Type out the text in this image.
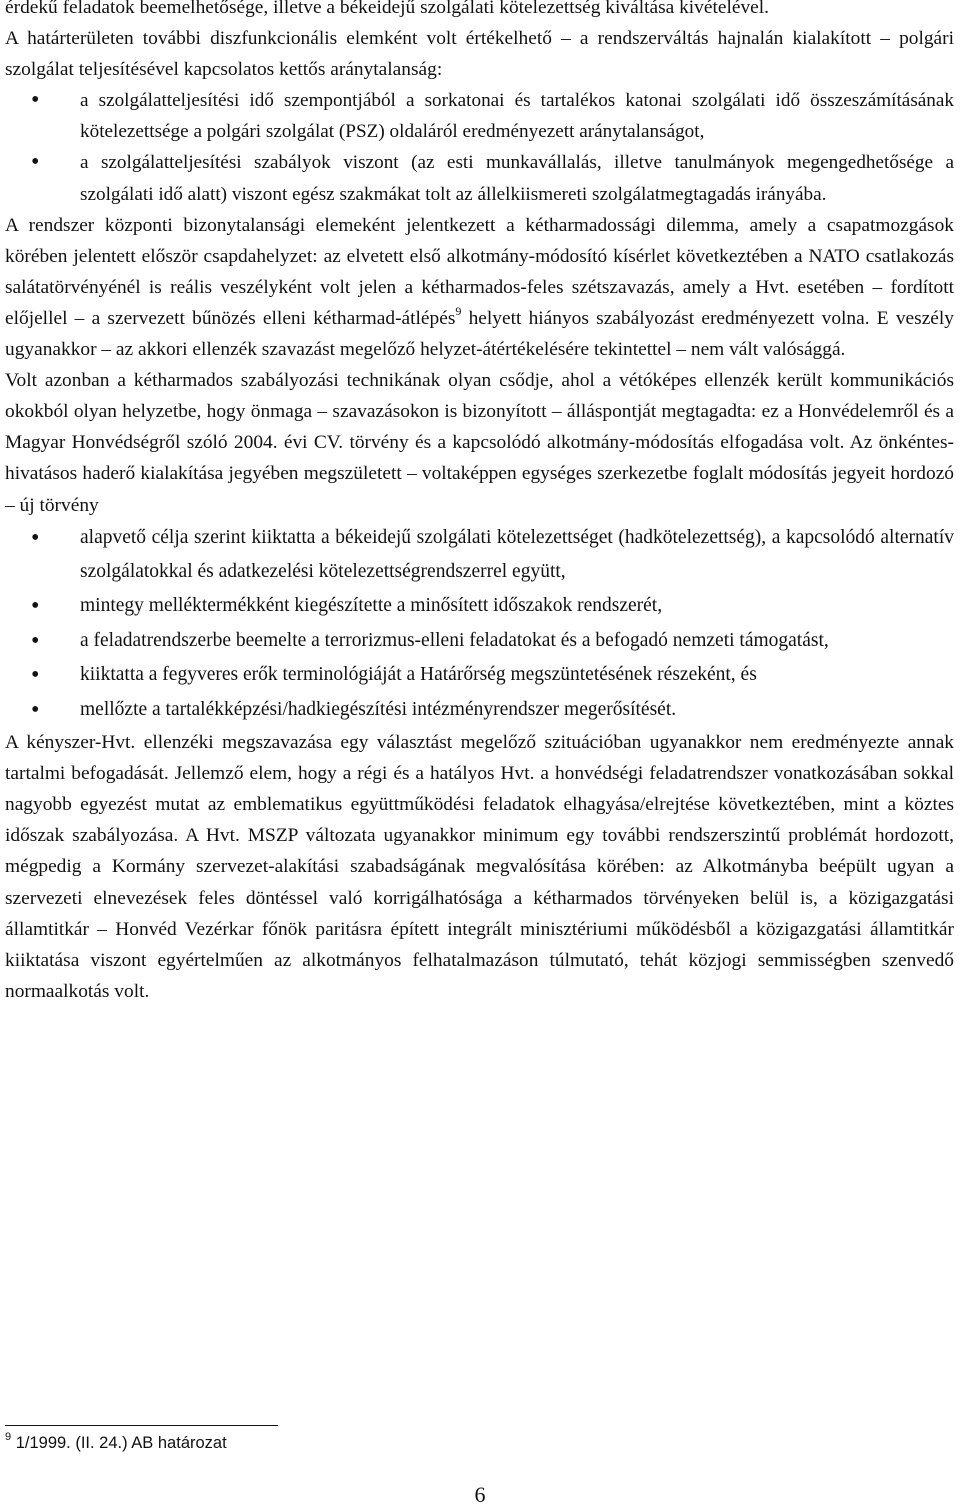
érdekű feladatok beemelhetősége, illetve a békeidejű szolgálati kötelezettség kiváltása kivételével.

A határterületen további diszfunkcionális elemként volt értékelhető – a rendszerváltás hajnalán kialakított – polgári szolgálat teljesítésével kapcsolatos kettős aránytalanság:

• a szolgálatteljesítési idő szempontjából a sorkatonai és tartalékos katonai szolgálati idő összeszámításának kötelezettsége a polgári szolgálat (PSZ) oldaláról eredményezett aránytalanságot,
• a szolgálatteljesítési szabályok viszont (az esti munkavállalás, illetve tanulmányok megengedhetősége a szolgálati idő alatt) viszont egész szakmákat tolt az állelkiismereti szolgálatmegtagadás irányába.

A rendszer központi bizonytalansági elemeként jelentkezett a kétharmadossági dilemma, amely a csapatmozgások körében jelentett először csapdahelyzet: az elvetett első alkotmány-módosító kísérlet következtében a NATO csatlakozás salátatörvényénél is reális veszélyként volt jelen a kétharmados-feles szétszavazás, amely a Hvt. esetében – fordított előjellel – a szervezett bűnözés elleni kétharmad-átlépés$^9$ helyett hiányos szabályozást eredményezett volna. E veszély ugyanakkor – az akkori ellenzék szavazást megelőző helyzet-átértékelésére tekintettel – nem vált valósággá.

Volt azonban a kétharmados szabályozási technikának olyan csődje, ahol a vétóképes ellenzék került kommunikációs okokból olyan helyzetbe, hogy önmaga – szavazásokon is bizonyított – álláspontját megtagadta: ez a Honvédelemről és a Magyar Honvédségről szóló 2004. évi CV. törvény és a kapcsolódó alkotmány-módosítás elfogadása volt. Az önkéntes-hivatásos haderő kialakítása jegyében megszületett – voltaképpen egységes szerkezetbe foglalt módosítás jegyeit hordozó – új törvény

• alapvető célja szerint kiiktatta a békeidejű szolgálati kötelezettséget (hadkötelezettség), a kapcsolódó alternatív szolgálatokkal és adatkezelési kötelezettségrendszerrel együtt,
• mintegy melléktermékként kiegészítette a minősített időszakok rendszerét,
• a feladatrendszerbe beemelte a terrorizmus-elleni feladatokat és a befogadó nemzeti támogatást,
• kiiktatta a fegyveres erők terminológiáját a Határőrség megszüntetésének részeként, és
• mellőzte a tartalékképzési/hadkiegészítési intézményrendszer megerősítését.

A kényszer-Hvt. ellenzéki megszavazása egy választást megelőző szituációban ugyanakkor nem eredményezte annak tartalmi befogadását. Jellemző elem, hogy a régi és a hatályos Hvt. a honvédségi feladatrendszer vonatkozásában sokkal nagyobb egyezést mutat az emblematikus együttműködési feladatok elhagyása/elrejtése következtében, mint a köztes időszak szabályozása. A Hvt. MSZP változata ugyanakkor minimum egy további rendszerszintű problémát hordozott, mégpedig a Kormány szervezet-alakítási szabadságának megvalósítása körében: az Alkotmányba beépült ugyan a szervezeti elnevezések feles döntéssel való korrigálhatósága a kétharmados törvényeken belül is, a közigazgatási államtitkár – Honvéd Vezérkar főnök paritásra épített integrált minisztériumi működésből a közigazgatási államtitkár kiiktatása viszont egyértelműen az alkotmányos felhatalmazáson túlmutató, tehát közjogi semmisségben szenvedő normaalkotás volt.

$^9$ 1/1999. (II. 24.) AB határozat
6
